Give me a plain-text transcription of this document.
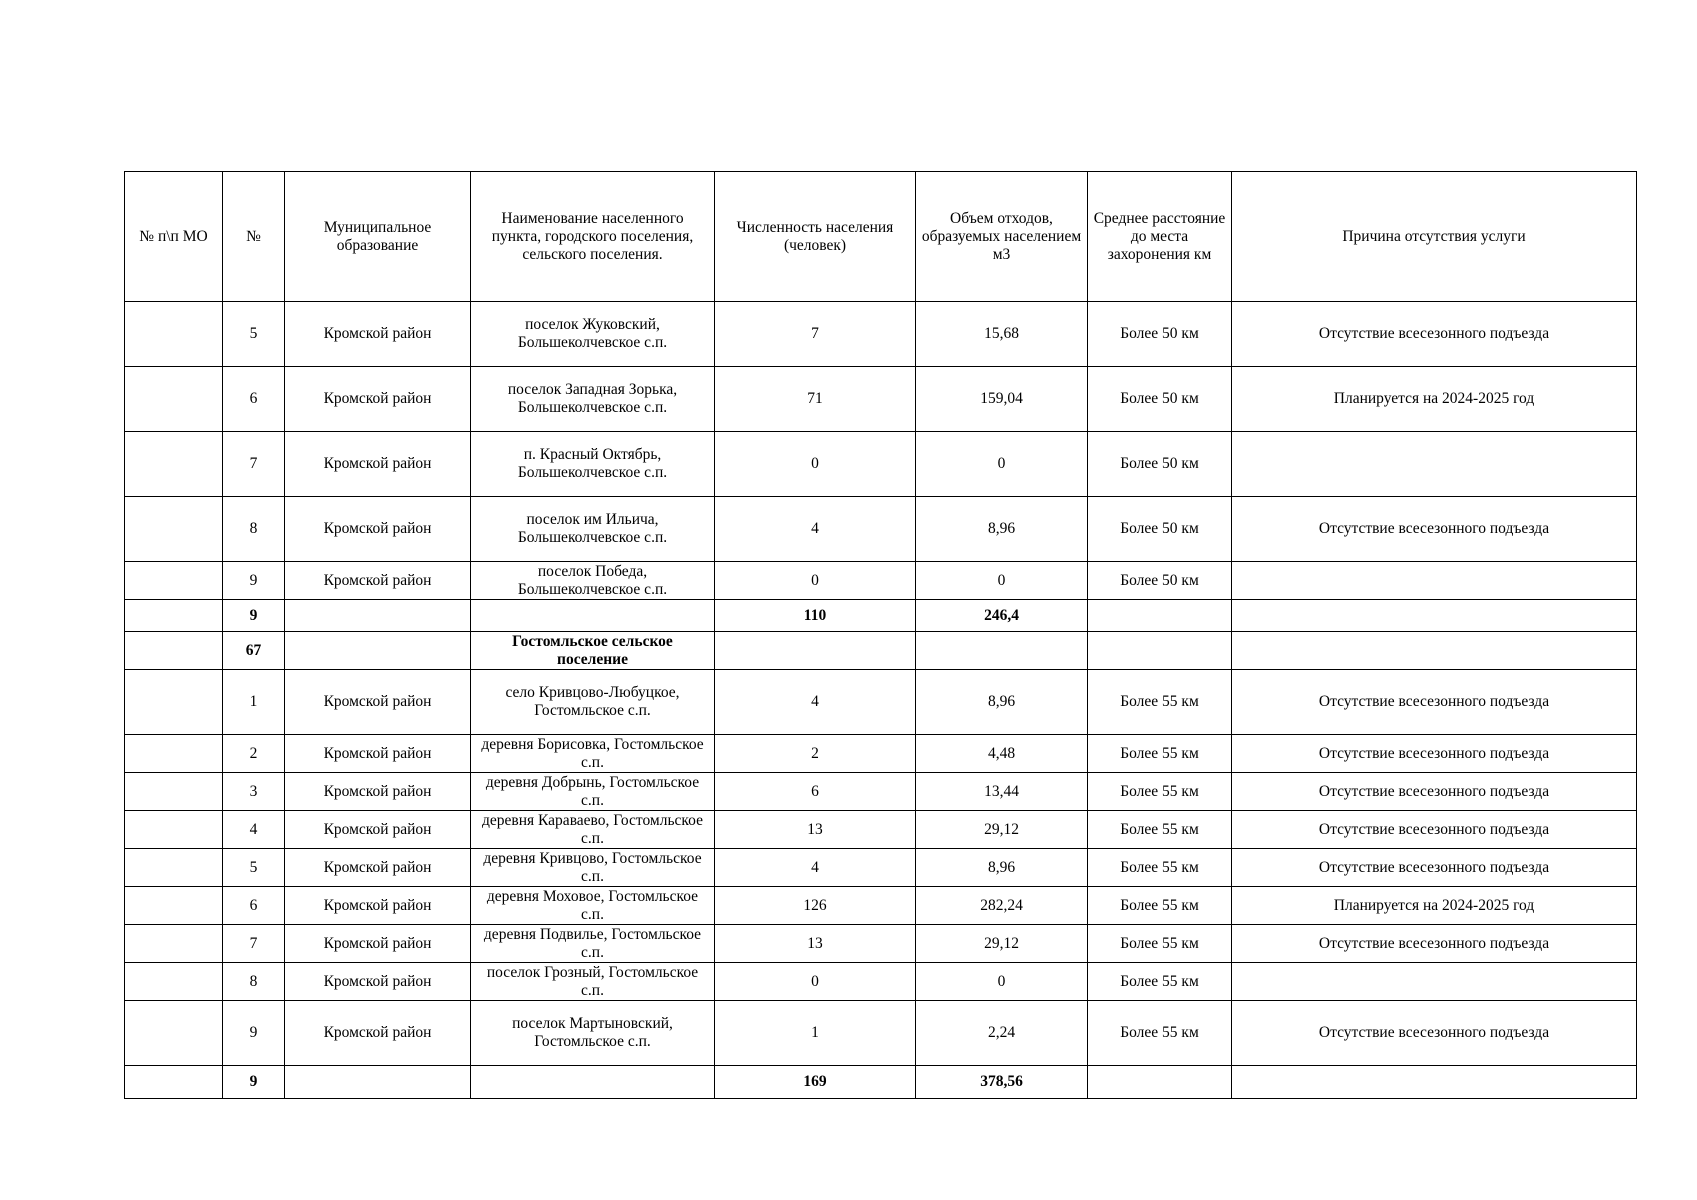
№ п\п МО	№	Муниципальное образование	Наименование населенного пункта, городского поселения, сельского поселения.	Численность населения (человек)	Объем отходов, образуемых населением м3	Среднее расстояние до места захоронения км	Причина отсутствия услуги
	5	Кромской район	поселок Жуковский, Большеколчевское с.п.	7	15,68	Более 50 км	Отсутствие всесезонного подъезда
	6	Кромской район	поселок Западная Зорька, Большеколчевское с.п.	71	159,04	Более 50 км	Планируется на 2024-2025 год
	7	Кромской район	п. Красный Октябрь, Большеколчевское с.п.	0	0	Более 50 км	
	8	Кромской район	поселок им Ильича, Большеколчевское с.п.	4	8,96	Более 50 км	Отсутствие всесезонного подъезда
	9	Кромской район	поселок Победа, Большеколчевское с.п.	0	0	Более 50 км	
	9			110	246,4		
	67		Гостомльское сельское поселение				
	1	Кромской район	село Кривцово-Любуцкое, Гостомльское с.п.	4	8,96	Более 55 км	Отсутствие всесезонного подъезда
	2	Кромской район	деревня Борисовка, Гостомльское с.п.	2	4,48	Более 55 км	Отсутствие всесезонного подъезда
	3	Кромской район	деревня Добрынь, Гостомльское с.п.	6	13,44	Более 55 км	Отсутствие всесезонного подъезда
	4	Кромской район	деревня Караваево, Гостомльское с.п.	13	29,12	Более 55 км	Отсутствие всесезонного подъезда
	5	Кромской район	деревня Кривцово, Гостомльское с.п.	4	8,96	Более 55 км	Отсутствие всесезонного подъезда
	6	Кромской район	деревня Моховое, Гостомльское с.п.	126	282,24	Более 55 км	Планируется на 2024-2025 год
	7	Кромской район	деревня Подвилье, Гостомльское с.п.	13	29,12	Более 55 км	Отсутствие всесезонного подъезда
	8	Кромской район	поселок Грозный, Гостомльское с.п.	0	0	Более 55 км	
	9	Кромской район	поселок Мартыновский, Гостомльское с.п.	1	2,24	Более 55 км	Отсутствие всесезонного подъезда
	9			169	378,56		
